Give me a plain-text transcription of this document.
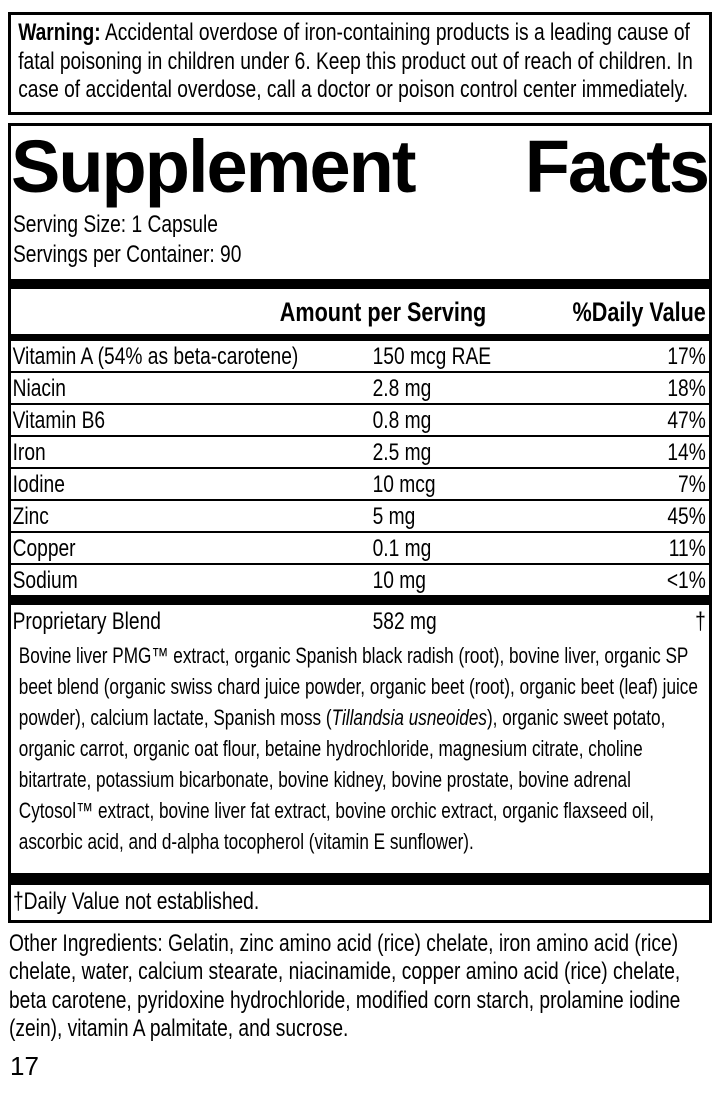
Warning: Accidental overdose of iron-containing products is a leading cause of fatal poisoning in children under 6. Keep this product out of reach of children. In case of accidental overdose, call a doctor or poison control center immediately.

Supplement Facts
Serving Size: 1 Capsule
Servings per Container: 90
Amount per Serving	%Daily Value
Vitamin A (54% as beta-carotene)	150 mcg RAE	17%
Niacin	2.8 mg	18%
Vitamin B6	0.8 mg	47%
Iron	2.5 mg	14%
Iodine	10 mcg	7%
Zinc	5 mg	45%
Copper	0.1 mg	11%
Sodium	10 mg	<1%
Proprietary Blend	582 mg	†

Bovine liver PMG™ extract, organic Spanish black radish (root), bovine liver, organic SP beet blend (organic swiss chard juice powder, organic beet (root), organic beet (leaf) juice powder), calcium lactate, Spanish moss (Tillandsia usneoides), organic sweet potato, organic carrot, organic oat flour, betaine hydrochloride, magnesium citrate, choline bitartrate, potassium bicarbonate, bovine kidney, bovine prostate, bovine adrenal Cytosol™ extract, bovine liver fat extract, bovine orchic extract, organic flaxseed oil, ascorbic acid, and d-alpha tocopherol (vitamin E sunflower).

†Daily Value not established.

Other Ingredients: Gelatin, zinc amino acid (rice) chelate, iron amino acid (rice) chelate, water, calcium stearate, niacinamide, copper amino acid (rice) chelate, beta carotene, pyridoxine hydrochloride, modified corn starch, prolamine iodine (zein), vitamin A palmitate, and sucrose.

17
